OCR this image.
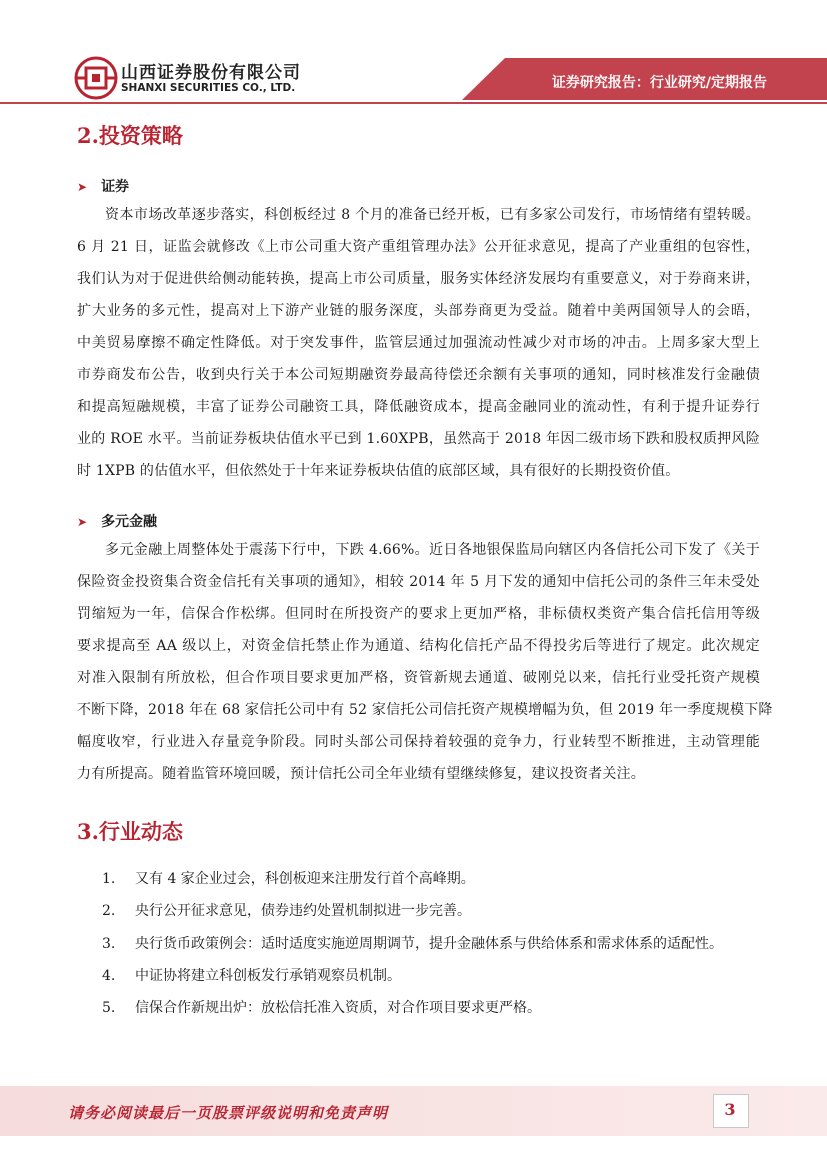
山西证券股份有限公司
SHANXI SECURITIES CO., LTD.	证券研究报告：行业研究/定期报告
2.投资策略
➤ 证券
资本市场改革逐步落实，科创板经过 8 个月的准备已经开板，已有多家公司发行，市场情绪有望转暖。
6 月 21 日，证监会就修改《上市公司重大资产重组管理办法》公开征求意见，提高了产业重组的包容性，
我们认为对于促进供给侧动能转换，提高上市公司质量，服务实体经济发展均有重要意义，对于券商来讲，
扩大业务的多元性，提高对上下游产业链的服务深度，头部券商更为受益。随着中美两国领导人的会晤，
中美贸易摩擦不确定性降低。对于突发事件，监管层通过加强流动性减少对市场的冲击。上周多家大型上
市券商发布公告，收到央行关于本公司短期融资券最高待偿还余额有关事项的通知，同时核准发行金融债
和提高短融规模，丰富了证券公司融资工具，降低融资成本，提高金融同业的流动性，有利于提升证券行
业的 ROE 水平。当前证券板块估值水平已到 1.60XPB，虽然高于 2018 年因二级市场下跌和股权质押风险
时 1XPB 的估值水平，但依然处于十年来证券板块估值的底部区域，具有很好的长期投资价值。
➤ 多元金融
多元金融上周整体处于震荡下行中，下跌 4.66%。近日各地银保监局向辖区内各信托公司下发了《关于
保险资金投资集合资金信托有关事项的通知》，相较 2014 年 5 月下发的通知中信托公司的条件三年未受处
罚缩短为一年，信保合作松绑。但同时在所投资产的要求上更加严格，非标债权类资产集合信托信用等级
要求提高至 AA 级以上，对资金信托禁止作为通道、结构化信托产品不得投劣后等进行了规定。此次规定
对准入限制有所放松，但合作项目要求更加严格，资管新规去通道、破刚兑以来，信托行业受托资产规模
不断下降，2018 年在 68 家信托公司中有 52 家信托公司信托资产规模增幅为负，但 2019 年一季度规模下降
幅度收窄，行业进入存量竞争阶段。同时头部公司保持着较强的竞争力，行业转型不断推进，主动管理能
力有所提高。随着监管环境回暖，预计信托公司全年业绩有望继续修复，建议投资者关注。
3.行业动态
1. 又有 4 家企业过会，科创板迎来注册发行首个高峰期。
2. 央行公开征求意见，债券违约处置机制拟进一步完善。
3. 央行货币政策例会：适时适度实施逆周期调节，提升金融体系与供给体系和需求体系的适配性。
4. 中证协将建立科创板发行承销观察员机制。
5. 信保合作新规出炉：放松信托准入资质，对合作项目要求更严格。
请务必阅读最后一页股票评级说明和免责声明	3
